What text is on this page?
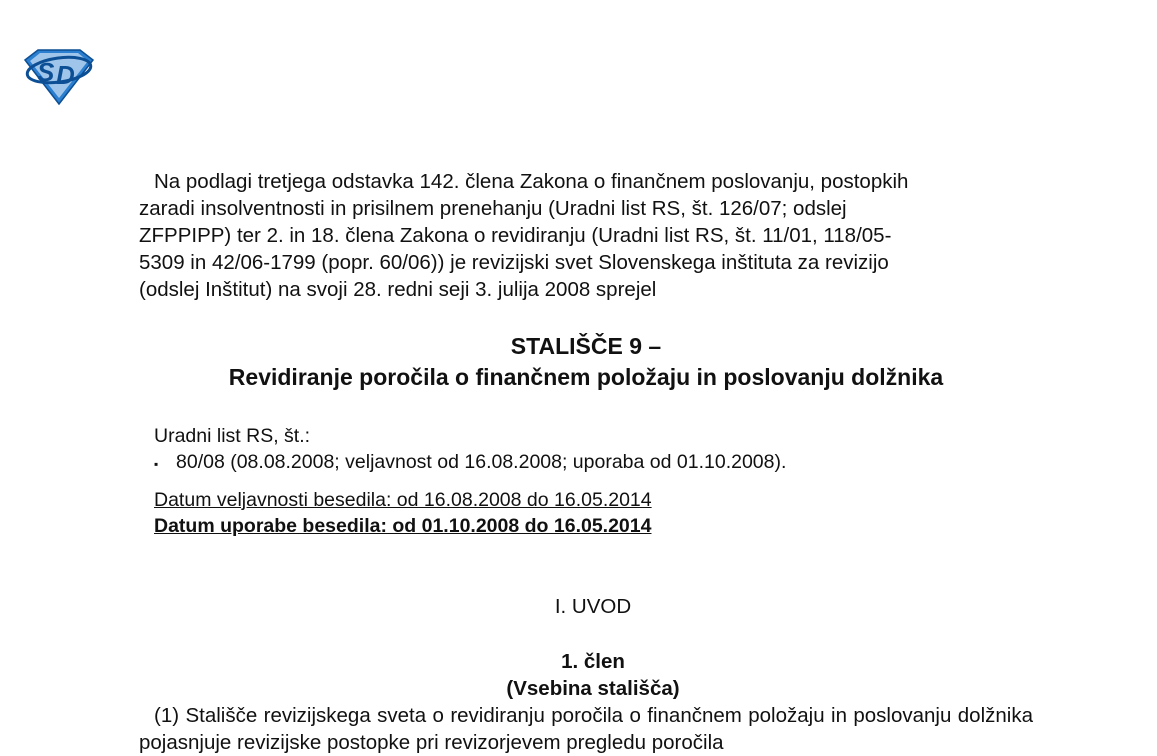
S D
Na podlagi tretjega odstavka 142. člena Zakona o finančnem poslovanju, postopkih
zaradi insolventnosti in prisilnem prenehanju (Uradni list RS, št. 126/07; odslej
ZFPPIPP) ter 2. in 18. člena Zakona o revidiranju (Uradni list RS, št. 11/01, 118/05-
5309 in 42/06-1799 (popr. 60/06)) je revizijski svet Slovenskega inštituta za revizijo
(odslej Inštitut) na svoji 28. redni seji 3. julija 2008 sprejel
STALIŠČE 9 –
Revidiranje poročila o finančnem položaju in poslovanju dolžnika
Uradni list RS, št.:
▪ 80/08 (08.08.2008; veljavnost od 16.08.2008; uporaba od 01.10.2008).
Datum veljavnosti besedila: od 16.08.2008 do 16.05.2014
Datum uporabe besedila: od 01.10.2008 do 16.05.2014

I. UVOD

1. člen

(Vsebina stališča)

(1) Stališče revizijskega sveta o revidiranju poročila o finančnem položaju in poslovanju dolžnika pojasnjuje revizijske postopke pri revizorjevem pregledu poročila
